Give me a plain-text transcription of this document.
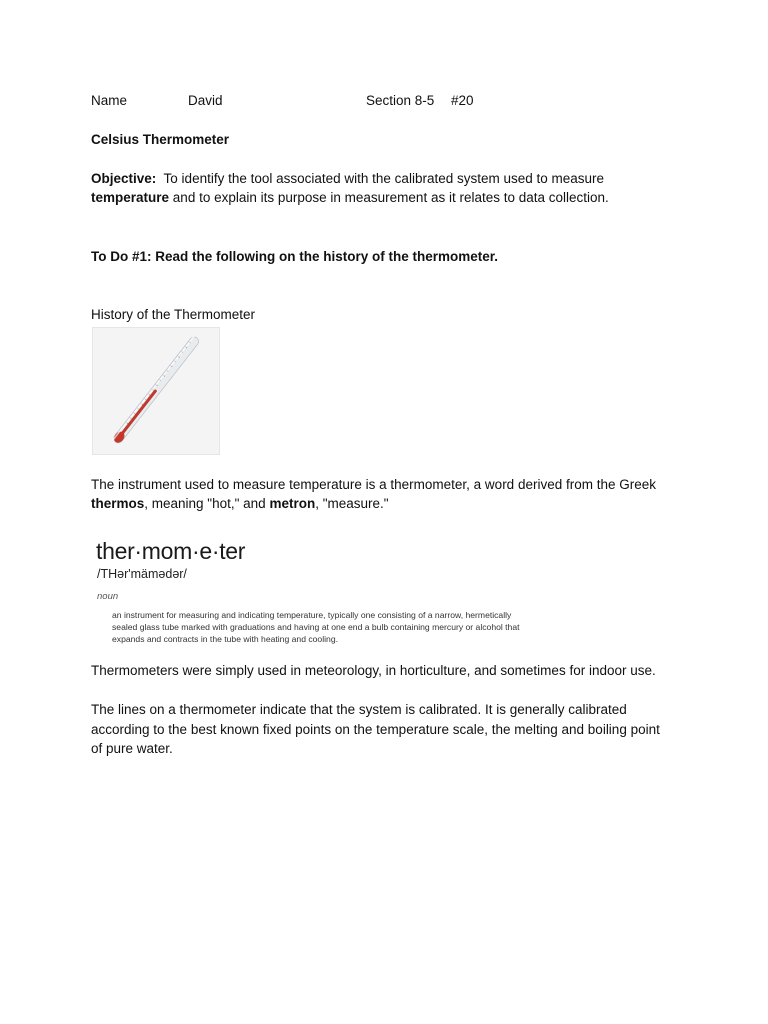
Name	David	Section 8-5 #20
Celsius Thermometer
Objective: To identify the tool associated with the calibrated system used to measure
temperature and to explain its purpose in measurement as it relates to data collection.
To Do #1: Read the following on the history of the thermometer.
History of the Thermometer
The instrument used to measure temperature is a thermometer, a word derived from the Greek
thermos, meaning "hot," and metron, "measure."
ther·mom·e·ter
/THər'mämədər/
noun
an instrument for measuring and indicating temperature, typically one consisting of a narrow, hermetically sealed glass tube marked with graduations and having at one end a bulb containing mercury or alcohol that expands and contracts in the tube with heating and cooling.
Thermometers were simply used in meteorology, in horticulture, and sometimes for indoor use.
The lines on a thermometer indicate that the system is calibrated. It is generally calibrated
according to the best known fixed points on the temperature scale, the melting and boiling point
of pure water.
